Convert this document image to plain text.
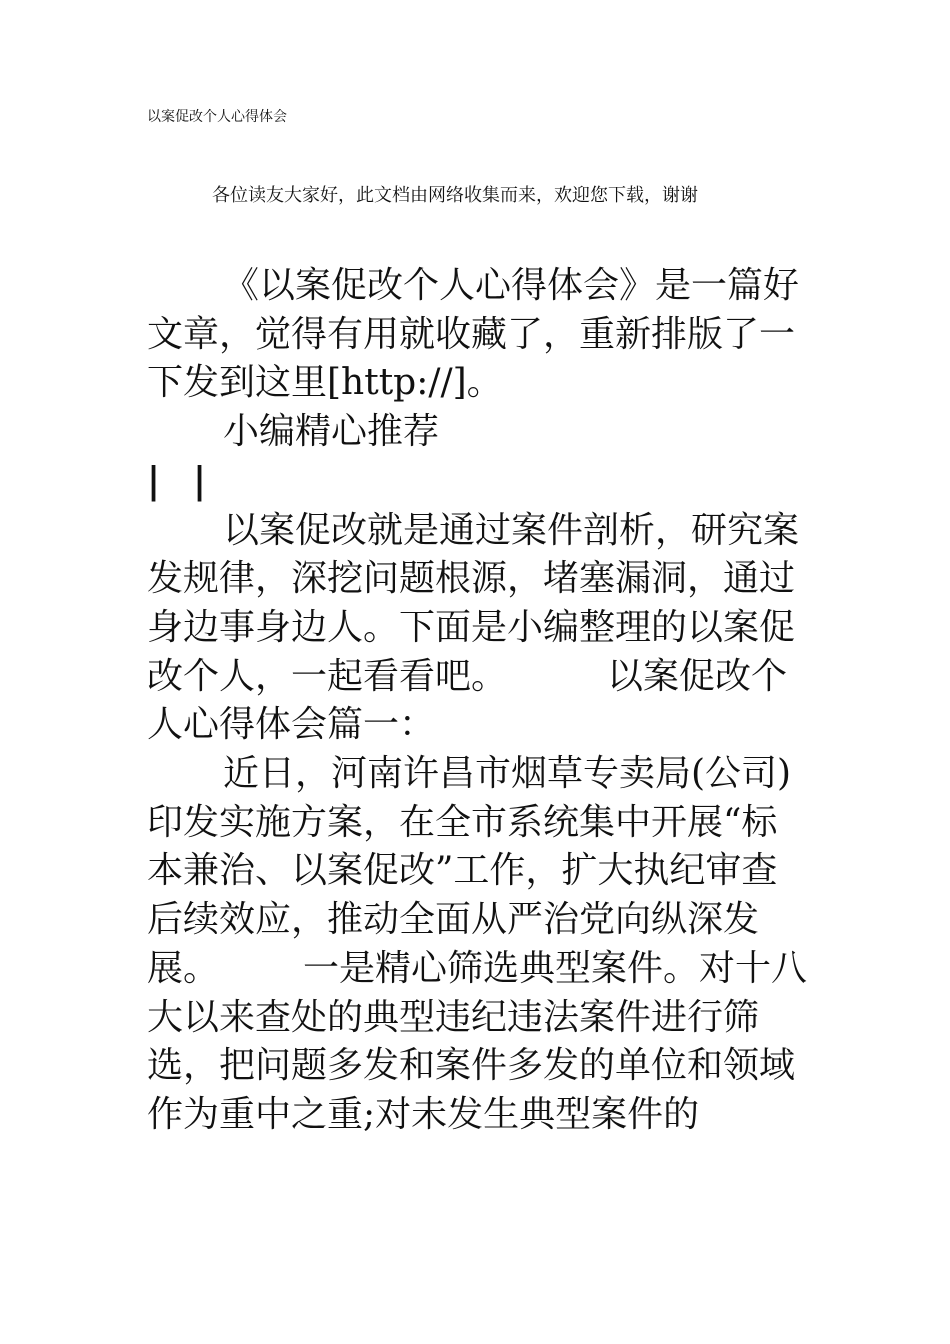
以案促改个人心得体会
各位读友大家好，此文档由网络收集而来，欢迎您下载，谢谢

《以案促改个人心得体会》是一篇好文章，觉得有用就收藏了，重新排版了一下发到这里[http://]。

小编精心推荐

| |

以案促改就是通过案件剖析，研究案发规律，深挖问题根源，堵塞漏洞，通过身边事身边人。下面是小编整理的以案促改个人，一起看看吧。	以案促改个人心得体会篇一：

近日，河南许昌市烟草专卖局(公司)印发实施方案，在全市系统集中开展“标本兼治、以案促改”工作，扩大执纪审查后续效应，推动全面从严治党向纵深发展。 一是精心筛选典型案件。对十八大以来查处的典型违纪违法案件进行筛选，把问题多发和案件多发的单位和领域作为重中之重;对未发生典型案件的
